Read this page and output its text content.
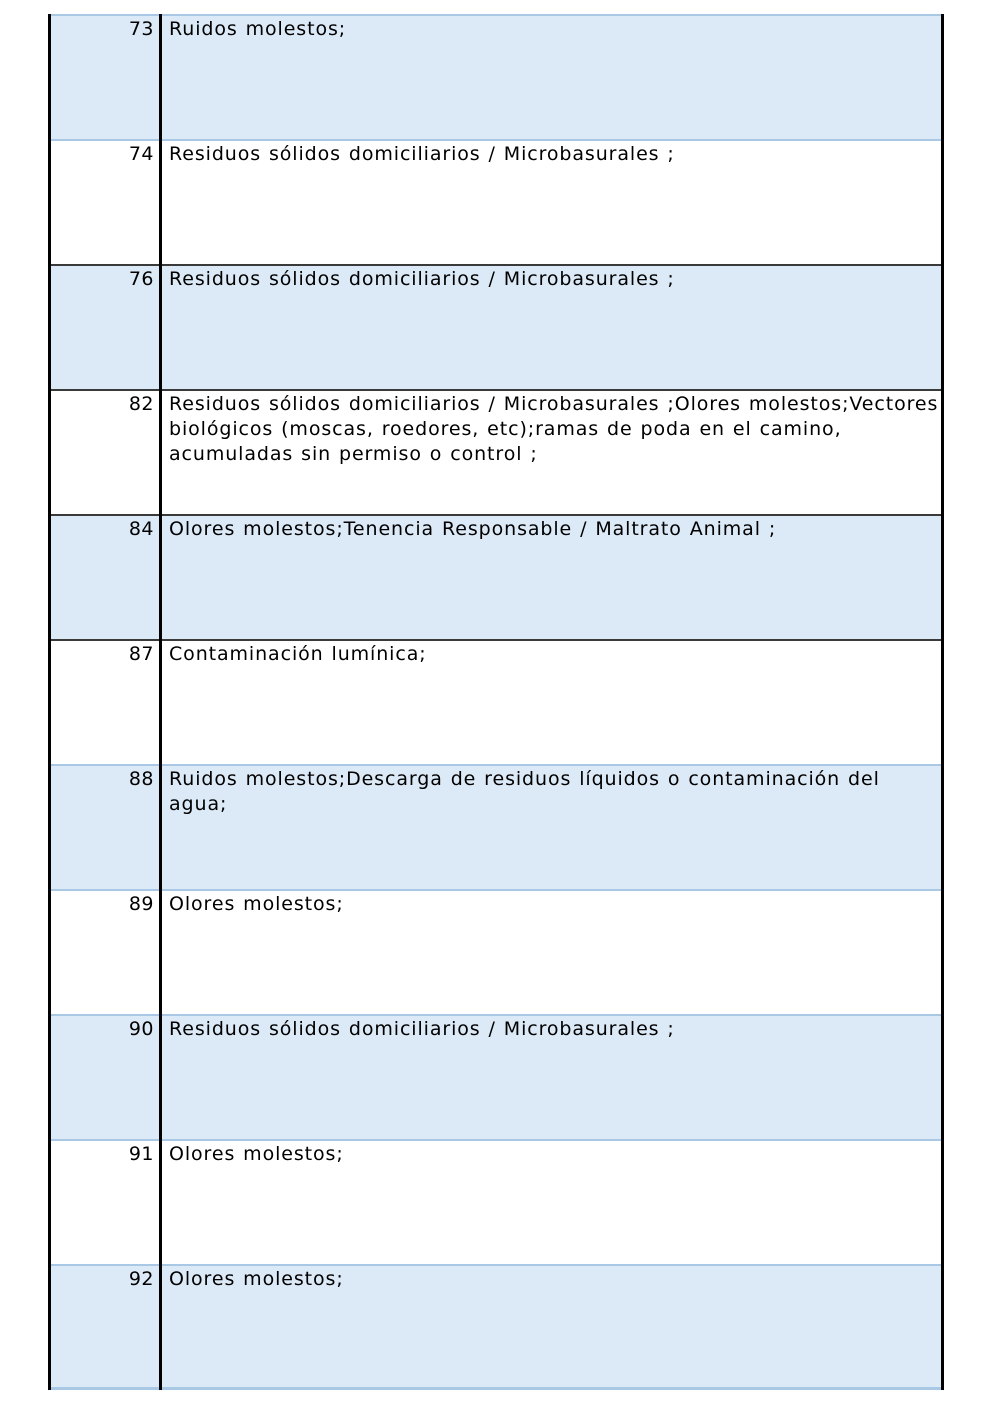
73 Ruidos molestos;
74 Residuos sólidos domiciliarios / Microbasurales ;
76 Residuos sólidos domiciliarios / Microbasurales ;
82 Residuos sólidos domiciliarios / Microbasurales ;Olores molestos;Vectores biológicos (moscas, roedores, etc);ramas de poda en el camino, acumuladas sin permiso o control ;
84 Olores molestos;Tenencia Responsable / Maltrato Animal ;
87 Contaminación lumínica;
88 Ruidos molestos;Descarga de residuos líquidos o contaminación del agua;
89 Olores molestos;
90 Residuos sólidos domiciliarios / Microbasurales ;
91 Olores molestos;
92 Olores molestos;
